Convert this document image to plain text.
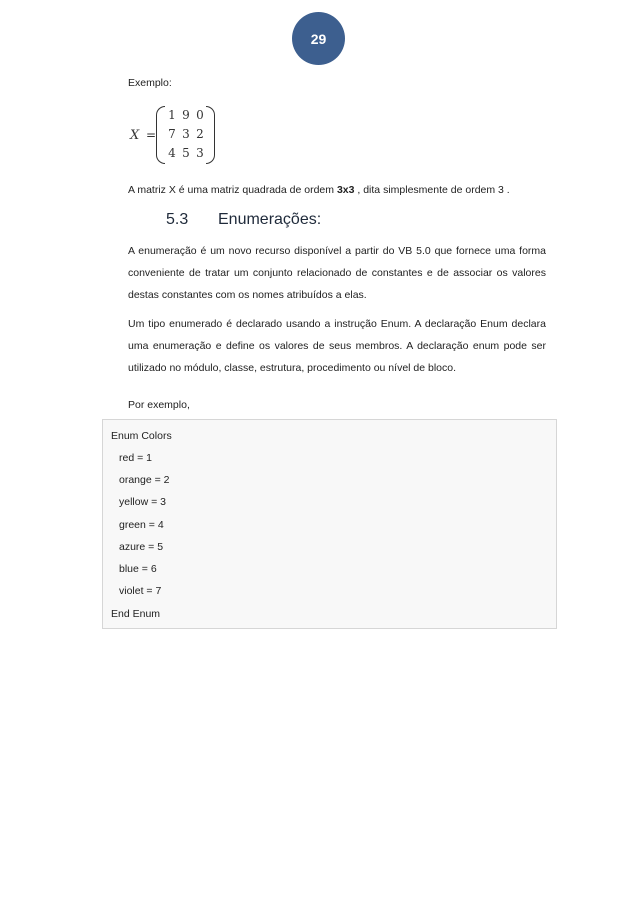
29
Exemplo:
X =
1 9 0
7 3 2
4 5 3
A matriz X é uma matriz quadrada de ordem 3x3 , dita simplesmente de ordem 3 .
5.3 Enumerações:
A enumeração é um novo recurso disponível a partir do VB 5.0 que fornece uma forma conveniente de tratar um conjunto relacionado de constantes e de associar os valores destas constantes com os nomes atribuídos a elas.
Um tipo enumerado é declarado usando a instrução Enum. A declaração Enum declara uma enumeração e define os valores de seus membros. A declaração enum pode ser utilizado no módulo, classe, estrutura, procedimento ou nível de bloco.
Por exemplo,
Enum Colors
red = 1
orange = 2
yellow = 3
green = 4
azure = 5
blue = 6
violet = 7
End Enum
